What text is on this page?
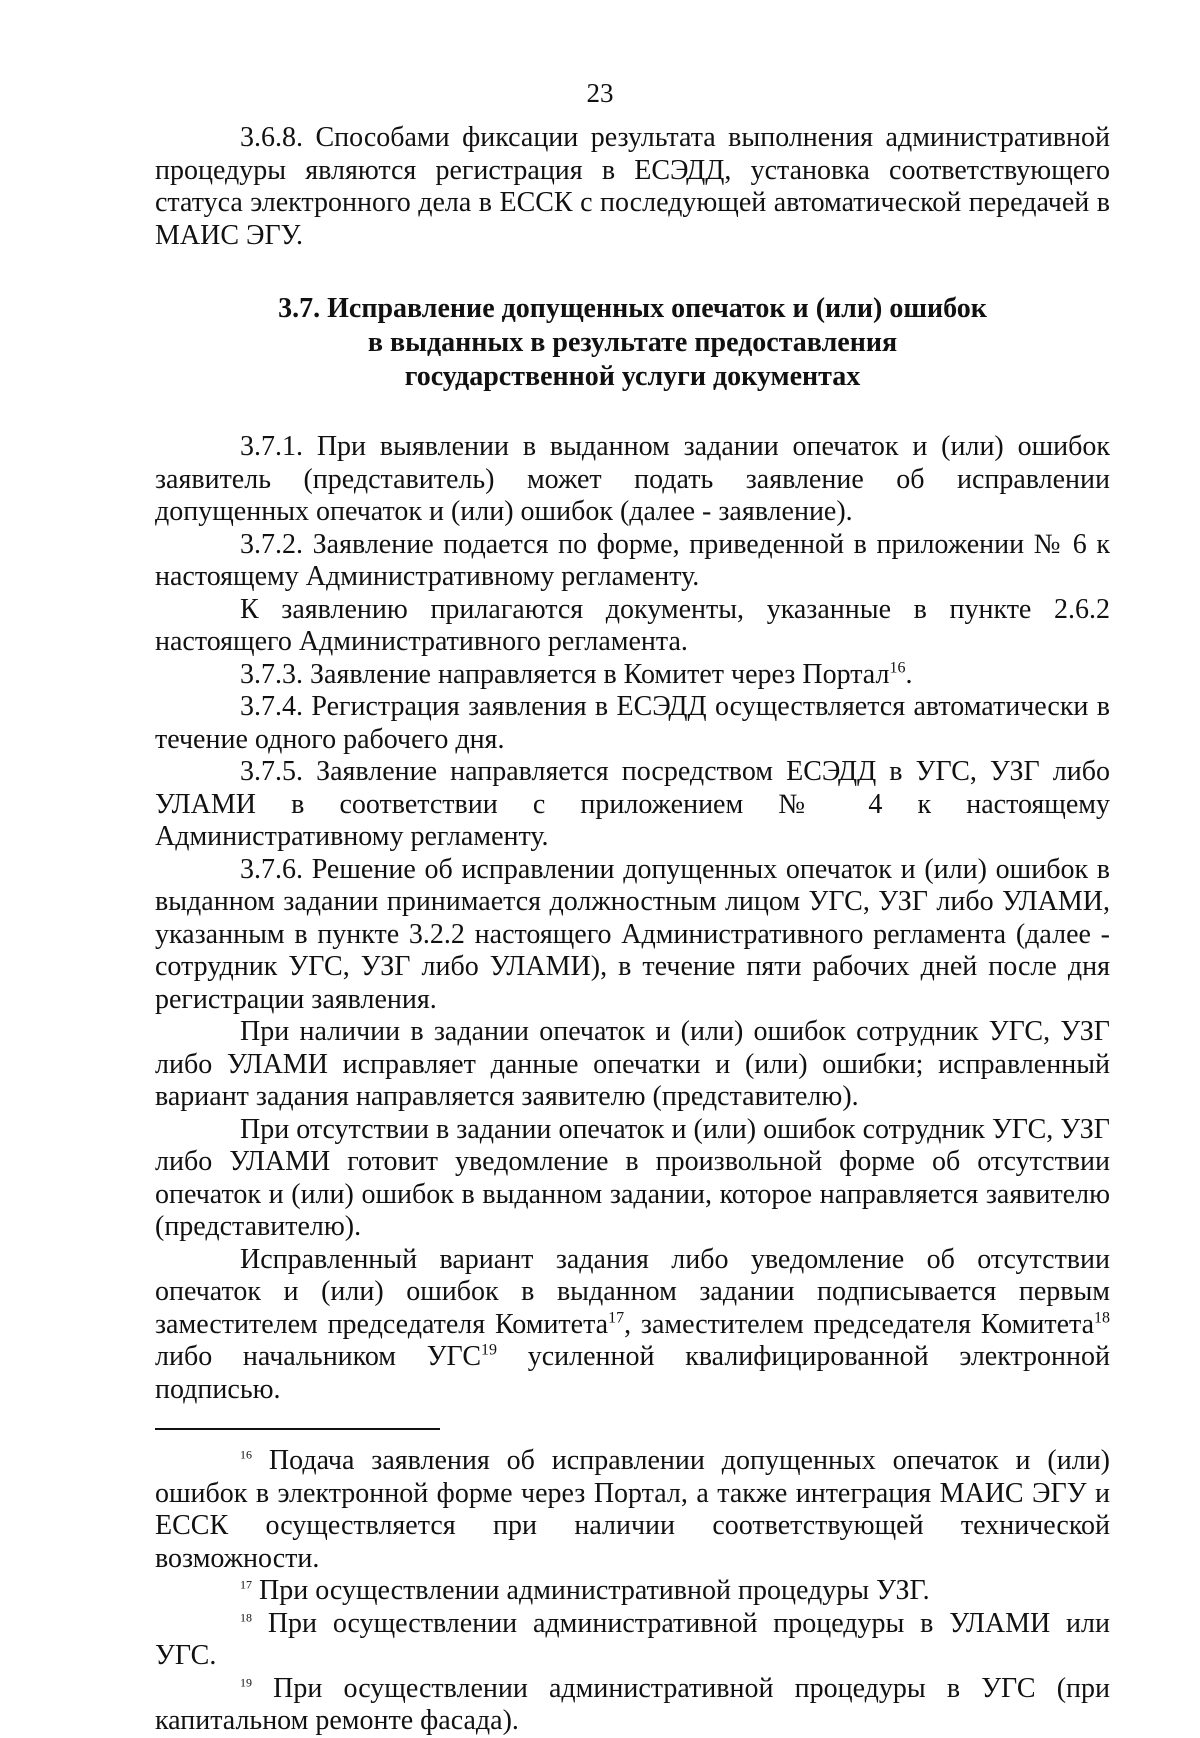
23

3.6.8. Способами фиксации результата выполнения административной процедуры являются регистрация в ЕСЭДД, установка соответствующего статуса электронного дела в ЕССК с последующей автоматической передачей в МАИС ЭГУ.

3.7. Исправление допущенных опечаток и (или) ошибок
в выданных в результате предоставления
государственной услуги документах

3.7.1. При выявлении в выданном задании опечаток и (или) ошибок заявитель (представитель) может подать заявление об исправлении допущенных опечаток и (или) ошибок (далее - заявление).

3.7.2. Заявление подается по форме, приведенной в приложении № 6 к настоящему Административному регламенту.

К заявлению прилагаются документы, указанные в пункте 2.6.2 настоящего Административного регламента.

3.7.3. Заявление направляется в Комитет через Портал$^{16}$.

3.7.4. Регистрация заявления в ЕСЭДД осуществляется автоматически в течение одного рабочего дня.

3.7.5. Заявление направляется посредством ЕСЭДД в УГС, УЗГ либо УЛАМИ в соответствии с приложением № 4 к настоящему Административному регламенту.

3.7.6. Решение об исправлении допущенных опечаток и (или) ошибок в выданном задании принимается должностным лицом УГС, УЗГ либо УЛАМИ, указанным в пункте 3.2.2 настоящего Административного регламента (далее - сотрудник УГС, УЗГ либо УЛАМИ), в течение пяти рабочих дней после дня регистрации заявления.

При наличии в задании опечаток и (или) ошибок сотрудник УГС, УЗГ либо УЛАМИ исправляет данные опечатки и (или) ошибки; исправленный вариант задания направляется заявителю (представителю).

При отсутствии в задании опечаток и (или) ошибок сотрудник УГС, УЗГ либо УЛАМИ готовит уведомление в произвольной форме об отсутствии опечаток и (или) ошибок в выданном задании, которое направляется заявителю (представителю).

Исправленный вариант задания либо уведомление об отсутствии опечаток и (или) ошибок в выданном задании подписывается первым заместителем председателя Комитета$^{17}$, заместителем председателя Комитета$^{18}$ либо начальником УГС$^{19}$ усиленной квалифицированной электронной подписью.

$^{16}$ Подача заявления об исправлении допущенных опечаток и (или) ошибок в электронной форме через Портал, а также интеграция МАИС ЭГУ и ЕССК осуществляется при наличии соответствующей технической возможности.

$^{17}$ При осуществлении административной процедуры УЗГ.

$^{18}$ При осуществлении административной процедуры в УЛАМИ или УГС.

$^{19}$ При осуществлении административной процедуры в УГС (при капитальном ремонте фасада).
